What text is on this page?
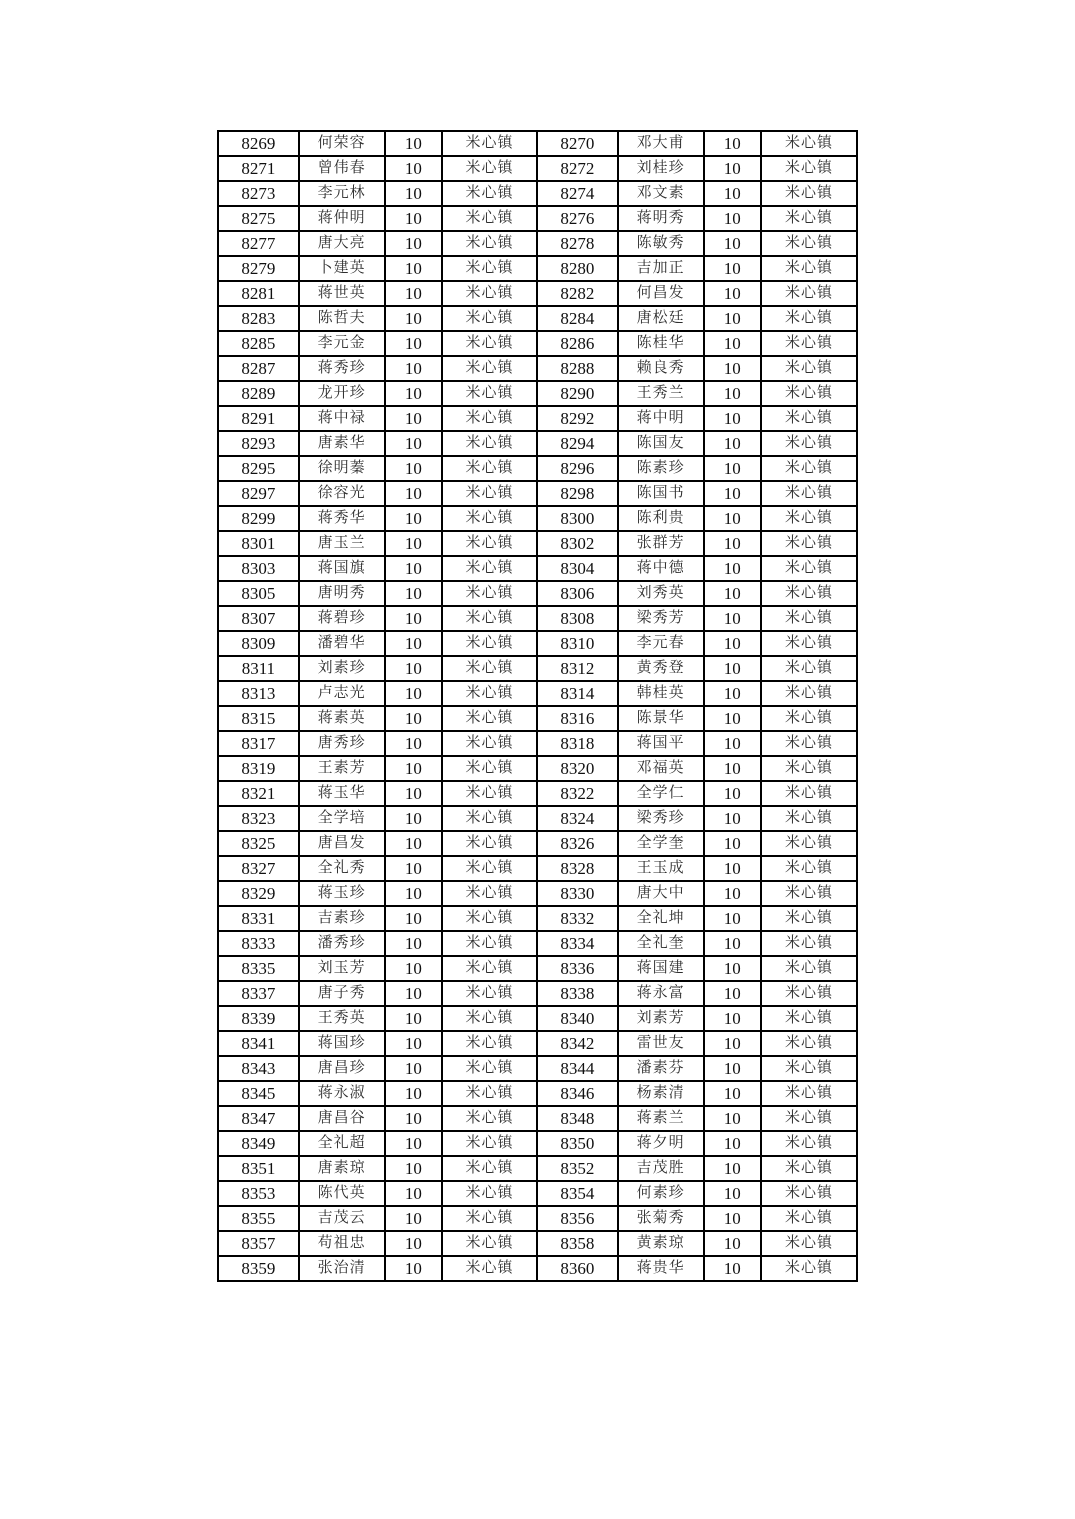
8269	何荣容	10	米心镇	8270	邓大甫	10	米心镇
8271	曾伟春	10	米心镇	8272	刘桂珍	10	米心镇
8273	李元林	10	米心镇	8274	邓文素	10	米心镇
8275	蒋仲明	10	米心镇	8276	蒋明秀	10	米心镇
8277	唐大亮	10	米心镇	8278	陈敏秀	10	米心镇
8279	卜建英	10	米心镇	8280	吉加正	10	米心镇
8281	蒋世英	10	米心镇	8282	何昌发	10	米心镇
8283	陈哲夫	10	米心镇	8284	唐松廷	10	米心镇
8285	李元金	10	米心镇	8286	陈桂华	10	米心镇
8287	蒋秀珍	10	米心镇	8288	赖良秀	10	米心镇
8289	龙开珍	10	米心镇	8290	王秀兰	10	米心镇
8291	蒋中禄	10	米心镇	8292	蒋中明	10	米心镇
8293	唐素华	10	米心镇	8294	陈国友	10	米心镇
8295	徐明蓁	10	米心镇	8296	陈素珍	10	米心镇
8297	徐容光	10	米心镇	8298	陈国书	10	米心镇
8299	蒋秀华	10	米心镇	8300	陈利贵	10	米心镇
8301	唐玉兰	10	米心镇	8302	张群芳	10	米心镇
8303	蒋国旗	10	米心镇	8304	蒋中德	10	米心镇
8305	唐明秀	10	米心镇	8306	刘秀英	10	米心镇
8307	蒋碧珍	10	米心镇	8308	梁秀芳	10	米心镇
8309	潘碧华	10	米心镇	8310	李元春	10	米心镇
8311	刘素珍	10	米心镇	8312	黄秀登	10	米心镇
8313	卢志光	10	米心镇	8314	韩桂英	10	米心镇
8315	蒋素英	10	米心镇	8316	陈景华	10	米心镇
8317	唐秀珍	10	米心镇	8318	蒋国平	10	米心镇
8319	王素芳	10	米心镇	8320	邓福英	10	米心镇
8321	蒋玉华	10	米心镇	8322	全学仁	10	米心镇
8323	全学培	10	米心镇	8324	梁秀珍	10	米心镇
8325	唐昌发	10	米心镇	8326	全学奎	10	米心镇
8327	全礼秀	10	米心镇	8328	王玉成	10	米心镇
8329	蒋玉珍	10	米心镇	8330	唐大中	10	米心镇
8331	吉素珍	10	米心镇	8332	全礼坤	10	米心镇
8333	潘秀珍	10	米心镇	8334	全礼奎	10	米心镇
8335	刘玉芳	10	米心镇	8336	蒋国建	10	米心镇
8337	唐子秀	10	米心镇	8338	蒋永富	10	米心镇
8339	王秀英	10	米心镇	8340	刘素芳	10	米心镇
8341	蒋国珍	10	米心镇	8342	雷世友	10	米心镇
8343	唐昌珍	10	米心镇	8344	潘素芬	10	米心镇
8345	蒋永淑	10	米心镇	8346	杨素清	10	米心镇
8347	唐昌谷	10	米心镇	8348	蒋素兰	10	米心镇
8349	全礼超	10	米心镇	8350	蒋夕明	10	米心镇
8351	唐素琼	10	米心镇	8352	吉茂胜	10	米心镇
8353	陈代英	10	米心镇	8354	何素珍	10	米心镇
8355	吉茂云	10	米心镇	8356	张菊秀	10	米心镇
8357	苟祖忠	10	米心镇	8358	黄素琼	10	米心镇
8359	张治清	10	米心镇	8360	蒋贵华	10	米心镇
